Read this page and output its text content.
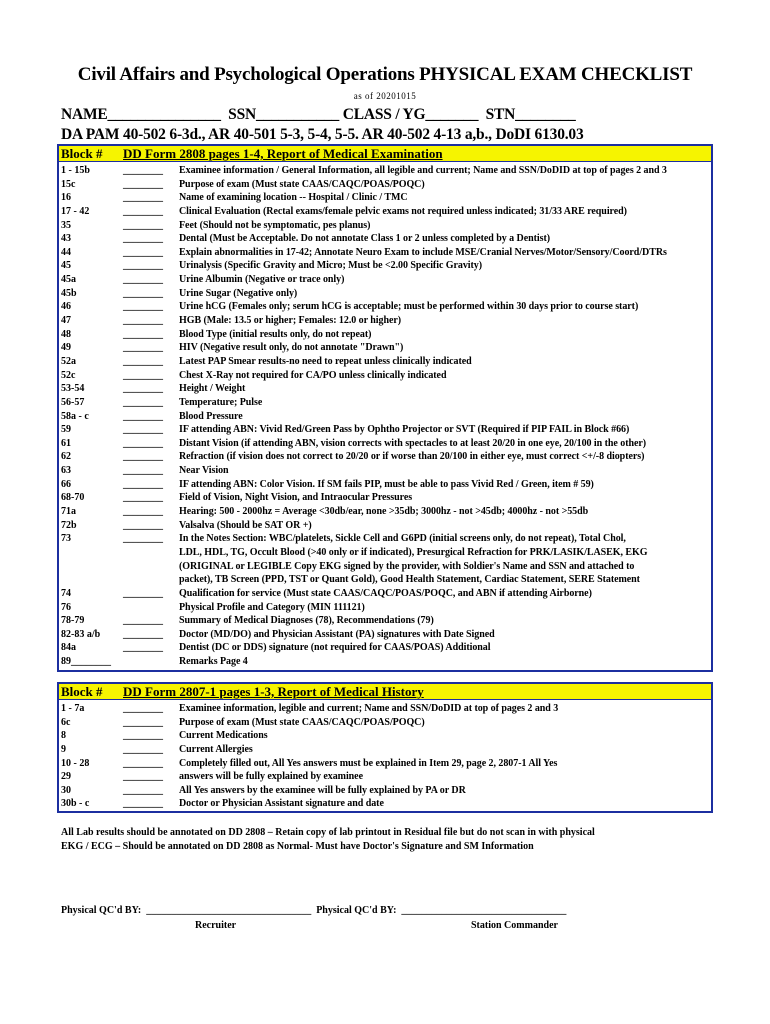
Civil Affairs and Psychological Operations PHYSICAL EXAM CHECKLIST
as of 20201015
NAME_______________  SSN___________ CLASS / YG_______  STN________
DA PAM 40-502 6-3d., AR 40-501 5-3, 5-4, 5-5. AR 40-502 4-13 a,b., DoDI 6130.03
Block # DD Form 2808 pages 1-4, Report of Medical Examination
1 - 15b	________ Examinee information / General Information, all legible and current; Name and SSN/DoDID at top of pages 2 and 3
15c	________ Purpose of exam (Must state CAAS/CAQC/POAS/POQC)
16	________ Name of examining location -- Hospital / Clinic / TMC
17 - 42	________ Clinical Evaluation (Rectal exams/female pelvic exams not required unless indicated; 31/33 ARE required)
35	________ Feet (Should not be symptomatic, pes planus)
43	________ Dental (Must be Acceptable. Do not annotate Class 1 or 2 unless completed by a Dentist)
44	________ Explain abnormalities in 17-42; Annotate Neuro Exam to include MSE/Cranial Nerves/Motor/Sensory/Coord/DTRs
45	________ Urinalysis (Specific Gravity and Micro; Must be <2.00 Specific Gravity)
45a	________ Urine Albumin (Negative or trace only)
45b	________ Urine Sugar (Negative only)
46	________ Urine hCG (Females only; serum hCG is acceptable; must be performed within 30 days prior to course start)
47	________ HGB (Male: 13.5 or higher; Females: 12.0 or higher)
48	________ Blood Type (initial results only, do not repeat)
49	________ HIV (Negative result only, do not annotate "Drawn")
52a	________ Latest PAP Smear results-no need to repeat unless clinically indicated
52c	________ Chest X-Ray not required for CA/PO unless clinically indicated
53-54	________ Height / Weight
56-57	________ Temperature; Pulse
58a - c	________ Blood Pressure
59	________ IF attending ABN: Vivid Red/Green Pass by Ophtho Projector or SVT (Required if PIP FAIL in Block #66)
61	________ Distant Vision (if attending ABN, vision corrects with spectacles to at least 20/20 in one eye, 20/100 in the other)
62	________ Refraction (if vision does not correct to 20/20 or if worse than 20/100 in either eye, must correct <+/-8 diopters)
63	________ Near Vision
66	________ IF attending ABN: Color Vision. If SM fails PIP, must be able to pass Vivid Red / Green, item # 59)
68-70	________ Field of Vision, Night Vision, and Intraocular Pressures
71a	________ Hearing: 500 - 2000hz = Average <30db/ear, none >35db; 3000hz - not >45db; 4000hz - not >55db
72b	________ Valsalva (Should be SAT OR +)
73	________ In the Notes Section: WBC/platelets, Sickle Cell and G6PD (initial screens only, do not repeat), Total Chol,
LDL, HDL, TG, Occult Blood (>40 only or if indicated), Presurgical Refraction for PRK/LASIK/LASEK, EKG
(ORIGINAL or LEGIBLE Copy EKG signed by the provider, with Soldier's Name and SSN and attached to
packet), TB Screen (PPD, TST or Quant Gold), Good Health Statement, Cardiac Statement, SERE Statement
74	________ Qualification for service (Must state CAAS/CAQC/POAS/POQC, and ABN if attending Airborne)
76	Physical Profile and Category (MIN 111121)
78-79	________ Summary of Medical Diagnoses (78), Recommendations (79)
82-83 a/b ________ Doctor (MD/DO) and Physician Assistant (PA) signatures with Date Signed
84a	________ Dentist (DC or DDS) signature (not required for CAAS/POAS) Additional
89________	Remarks Page 4
Block # DD Form 2807-1 pages 1-3, Report of Medical History
1 - 7a	________ Examinee information, legible and current; Name and SSN/DoDID at top of pages 2 and 3
6c	________ Purpose of exam (Must state CAAS/CAQC/POAS/POQC)
8	________ Current Medications
9	________ Current Allergies
10 - 28	________ Completely filled out, All Yes answers must be explained in Item 29, page 2, 2807-1 All Yes
29	________ answers will be fully explained by examinee
30	________ All Yes answers by the examinee will be fully explained by PA or DR
30b - c	________ Doctor or Physician Assistant signature and date
All Lab results should be annotated on DD 2808 – Retain copy of lab printout in Residual file but do not scan in with physical
EKG / ECG – Should be annotated on DD 2808 as Normal- Must have Doctor's Signature and SM Information
Physical QC'd BY:  _________________________________  Physical QC'd BY:  _________________________________
Recruiter	Station Commander
